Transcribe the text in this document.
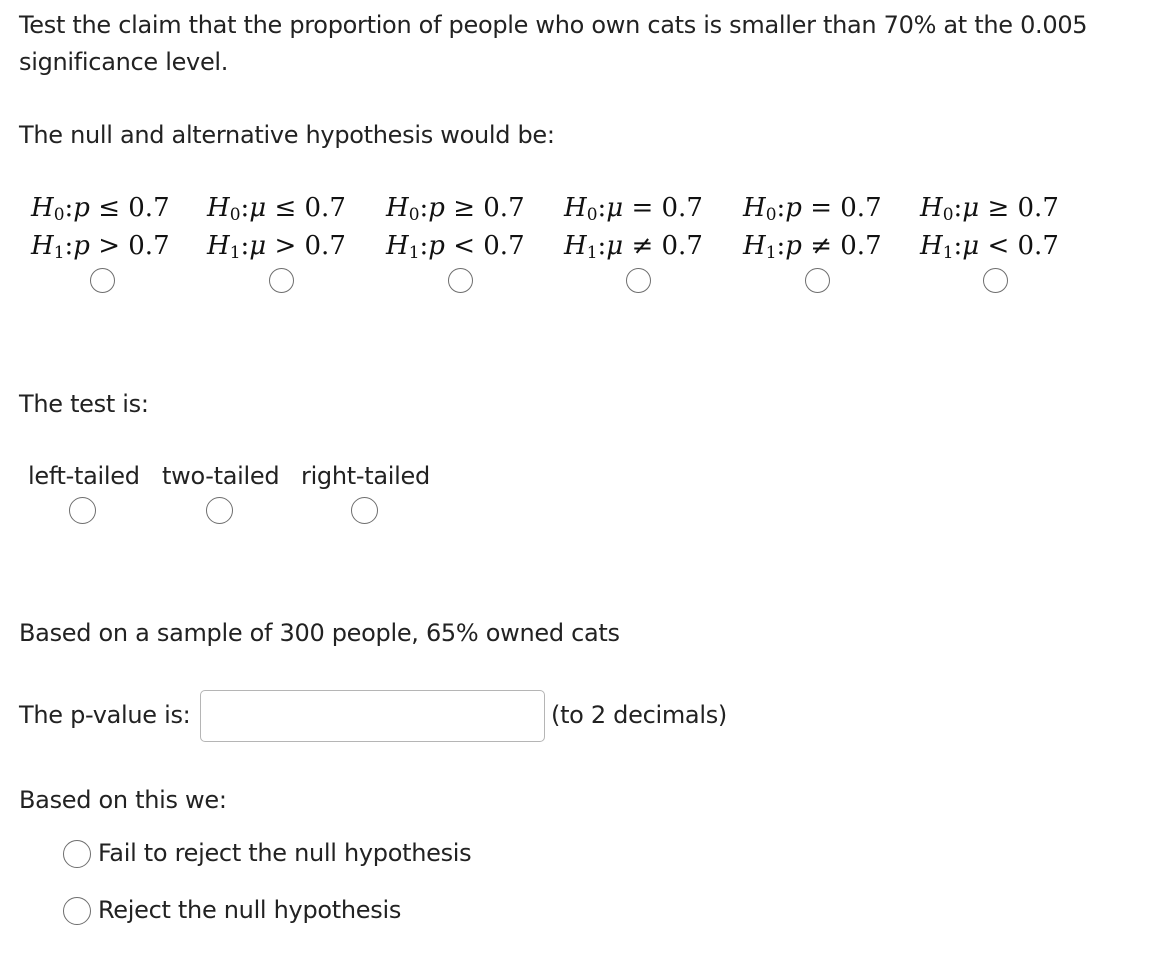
Test the claim that the proportion of people who own cats is smaller than 70% at the 0.005 significance level.
The null and alternative hypothesis would be:
$H_0:p \le 0.7$
$H_1:p > 0.7$
$H_0:\mu \le 0.7$
$H_1:\mu > 0.7$
$H_0:p \ge 0.7$
$H_1:p < 0.7$
$H_0:\mu = 0.7$
$H_1:\mu \ne 0.7$
$H_0:p = 0.7$
$H_1:p \ne 0.7$
$H_0:\mu \ge 0.7$
$H_1:\mu < 0.7$
The test is:
left-tailed two-tailed right-tailed
Based on a sample of 300 people, 65% owned cats
The p-value is:	(to 2 decimals)
Based on this we:
Fail to reject the null hypothesis
Reject the null hypothesis
